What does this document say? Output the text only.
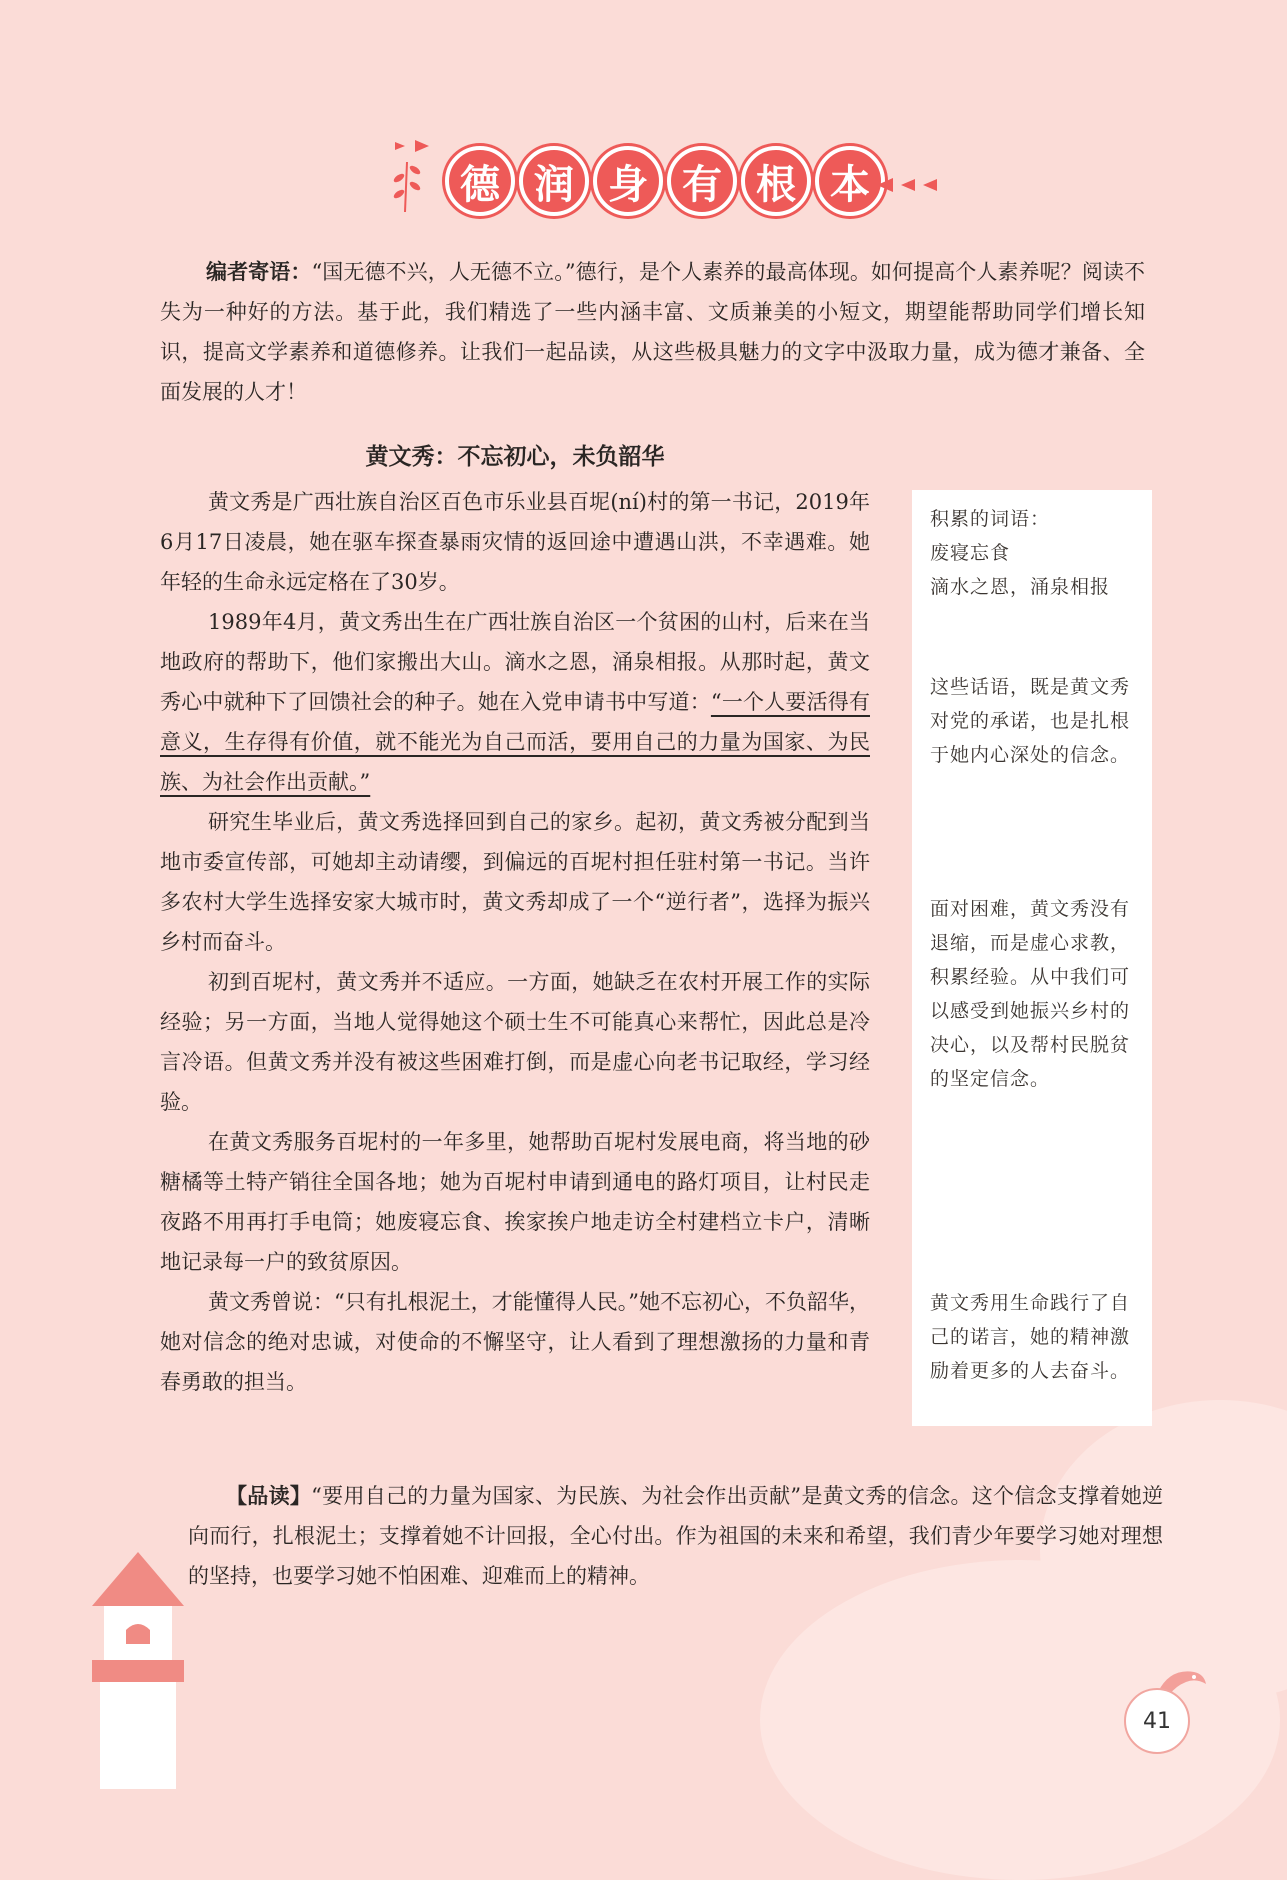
德 润 身 有 根 本
编者寄语：“国无德不兴，人无德不立。”德行，是个人素养的最高体现。如何提高个人素养呢？阅读不失为一种好的方法。基于此，我们精选了一些内涵丰富、文质兼美的小短文，期望能帮助同学们增长知识，提高文学素养和道德修养。让我们一起品读，从这些极具魅力的文字中汲取力量，成为德才兼备、全面发展的人才！
黄文秀：不忘初心，未负韶华

黄文秀是广西壮族自治区百色市乐业县百坭(ní)村的第一书记，2019年6月17日凌晨，她在驱车探查暴雨灾情的返回途中遭遇山洪，不幸遇难。她年轻的生命永远定格在了30岁。

1989年4月，黄文秀出生在广西壮族自治区一个贫困的山村，后来在当地政府的帮助下，他们家搬出大山。滴水之恩，涌泉相报。从那时起，黄文秀心中就种下了回馈社会的种子。她在入党申请书中写道：“一个人要活得有意义，生存得有价值，就不能光为自己而活，要用自己的力量为国家、为民族、为社会作出贡献。”

研究生毕业后，黄文秀选择回到自己的家乡。起初，黄文秀被分配到当地市委宣传部，可她却主动请缨，到偏远的百坭村担任驻村第一书记。当许多农村大学生选择安家大城市时，黄文秀却成了一个“逆行者”，选择为振兴乡村而奋斗。

初到百坭村，黄文秀并不适应。一方面，她缺乏在农村开展工作的实际经验；另一方面，当地人觉得她这个硕士生不可能真心来帮忙，因此总是冷言冷语。但黄文秀并没有被这些困难打倒，而是虚心向老书记取经，学习经验。

在黄文秀服务百坭村的一年多里，她帮助百坭村发展电商，将当地的砂糖橘等土特产销往全国各地；她为百坭村申请到通电的路灯项目，让村民走夜路不用再打手电筒；她废寝忘食、挨家挨户地走访全村建档立卡户，清晰地记录每一户的致贫原因。

黄文秀曾说：“只有扎根泥土，才能懂得人民。”她不忘初心，不负韶华，她对信念的绝对忠诚，对使命的不懈坚守，让人看到了理想激扬的力量和青春勇敢的担当。

积累的词语：
废寝忘食
滴水之恩，涌泉相报
这些话语，既是黄文秀对党的承诺，也是扎根于她内心深处的信念。
面对困难，黄文秀没有退缩，而是虚心求教，积累经验。从中我们可以感受到她振兴乡村的决心，以及帮村民脱贫的坚定信念。
黄文秀用生命践行了自己的诺言，她的精神激励着更多的人去奋斗。
【品读】“要用自己的力量为国家、为民族、为社会作出贡献”是黄文秀的信念。这个信念支撑着她逆向而行，扎根泥土；支撑着她不计回报，全心付出。作为祖国的未来和希望，我们青少年要学习她对理想的坚持，也要学习她不怕困难、迎难而上的精神。
41
